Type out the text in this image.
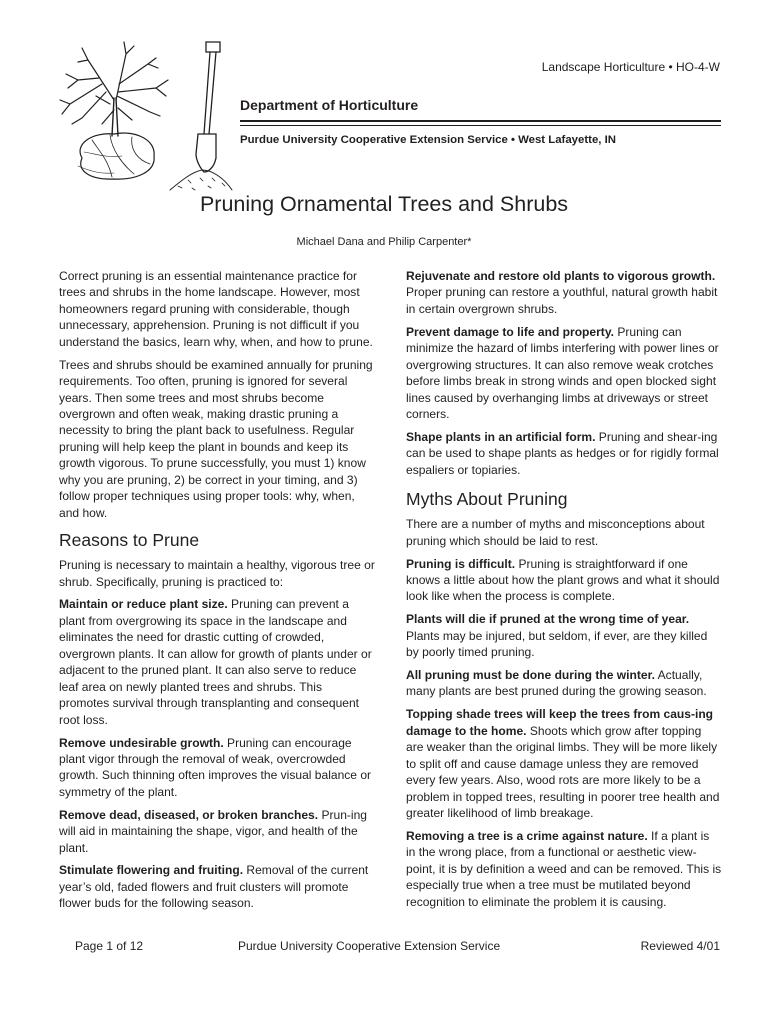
Landscape Horticulture • HO-4-W
Department of Horticulture
Purdue University Cooperative Extension Service • West Lafayette, IN
Pruning Ornamental Trees and Shrubs
Michael Dana and Philip Carpenter*

Correct pruning is an essential maintenance practice for trees and shrubs in the home landscape. However, most homeowners regard pruning with considerable, though unnecessary, apprehension. Pruning is not difficult if you understand the basics, learn why, when, and how to prune.

Trees and shrubs should be examined annually for pruning requirements. Too often, pruning is ignored for several years. Then some trees and most shrubs become overgrown and often weak, making drastic pruning a necessity to bring the plant back to usefulness. Regular pruning will help keep the plant in bounds and keep its growth vigorous. To prune successfully, you must 1) know why you are pruning, 2) be correct in your timing, and 3) follow proper techniques using proper tools: why, when, and how.

Reasons to Prune

Pruning is necessary to maintain a healthy, vigorous tree or shrub. Specifically, pruning is practiced to:

Maintain or reduce plant size. Pruning can prevent a plant from overgrowing its space in the landscape and eliminates the need for drastic cutting of crowded, overgrown plants. It can allow for growth of plants under or adjacent to the pruned plant. It can also serve to reduce leaf area on newly planted trees and shrubs. This promotes survival through transplanting and consequent root loss.

Remove undesirable growth. Pruning can encourage plant vigor through the removal of weak, overcrowded growth. Such thinning often improves the visual balance or symmetry of the plant.

Remove dead, diseased, or broken branches. Prun-ing will aid in maintaining the shape, vigor, and health of the plant.

Stimulate flowering and fruiting. Removal of the current year’s old, faded flowers and fruit clusters will promote flower buds for the following season.

Rejuvenate and restore old plants to vigorous growth. Proper pruning can restore a youthful, natural growth habit in certain overgrown shrubs.

Prevent damage to life and property. Pruning can minimize the hazard of limbs interfering with power lines or overgrowing structures. It can also remove weak crotches before limbs break in strong winds and open blocked sight lines caused by overhanging limbs at driveways or street corners.

Shape plants in an artificial form. Pruning and shear-ing can be used to shape plants as hedges or for rigidly formal espaliers or topiaries.

Myths About Pruning

There are a number of myths and misconceptions about pruning which should be laid to rest.

Pruning is difficult. Pruning is straightforward if one knows a little about how the plant grows and what it should look like when the process is complete.

Plants will die if pruned at the wrong time of year. Plants may be injured, but seldom, if ever, are they killed by poorly timed pruning.

All pruning must be done during the winter. Actually, many plants are best pruned during the growing season.

Topping shade trees will keep the trees from caus-ing damage to the home. Shoots which grow after topping are weaker than the original limbs. They will be more likely to split off and cause damage unless they are removed every few years. Also, wood rots are more likely to be a problem in topped trees, resulting in poorer tree health and greater likelihood of limb breakage.

Removing a tree is a crime against nature. If a plant is in the wrong place, from a functional or aesthetic view-point, it is by definition a weed and can be removed. This is especially true when a tree must be mutilated beyond recognition to eliminate the problem it is causing.

Page 1 of 12	Purdue University Cooperative Extension Service	Reviewed 4/01
